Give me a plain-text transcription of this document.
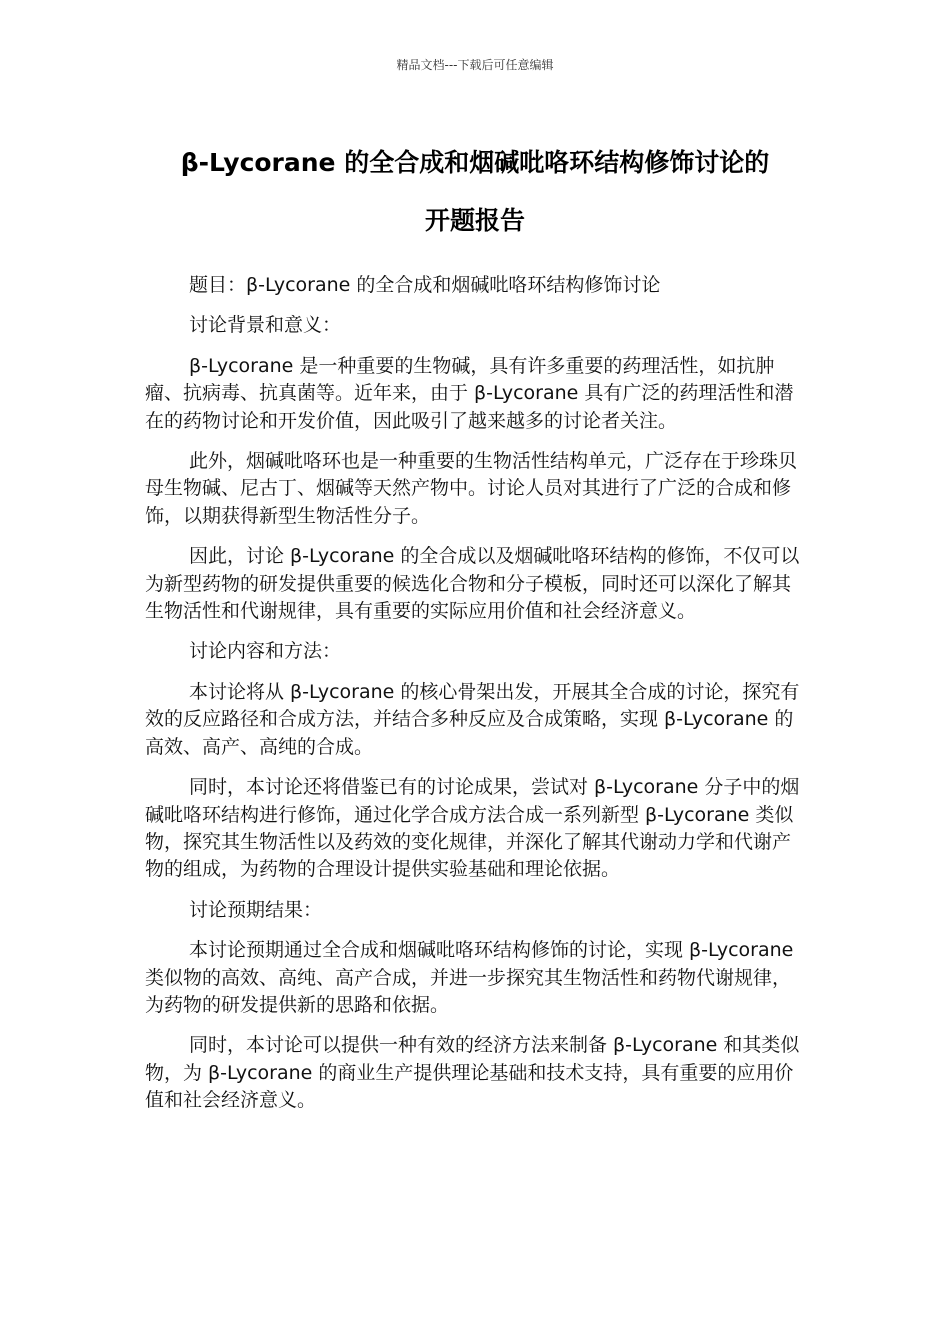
精品文档---下载后可任意编辑
β-Lycorane 的全合成和烟碱吡咯环结构修饰讨论的
开题报告

题目：β-Lycorane 的全合成和烟碱吡咯环结构修饰讨论

讨论背景和意义：

β-Lycorane 是一种重要的生物碱，具有许多重要的药理活性，如抗肿瘤、抗病毒、抗真菌等。近年来，由于 β-Lycorane 具有广泛的药理活性和潜在的药物讨论和开发价值，因此吸引了越来越多的讨论者关注。

此外，烟碱吡咯环也是一种重要的生物活性结构单元，广泛存在于珍珠贝母生物碱、尼古丁、烟碱等天然产物中。讨论人员对其进行了广泛的合成和修饰，以期获得新型生物活性分子。

因此，讨论 β-Lycorane 的全合成以及烟碱吡咯环结构的修饰，不仅可以为新型药物的研发提供重要的候选化合物和分子模板，同时还可以深化了解其生物活性和代谢规律，具有重要的实际应用价值和社会经济意义。

讨论内容和方法：

本讨论将从 β-Lycorane 的核心骨架出发，开展其全合成的讨论，探究有效的反应路径和合成方法，并结合多种反应及合成策略，实现 β-Lycorane 的高效、高产、高纯的合成。

同时，本讨论还将借鉴已有的讨论成果，尝试对 β-Lycorane 分子中的烟碱吡咯环结构进行修饰，通过化学合成方法合成一系列新型 β-Lycorane 类似物，探究其生物活性以及药效的变化规律，并深化了解其代谢动力学和代谢产物的组成，为药物的合理设计提供实验基础和理论依据。

讨论预期结果：

本讨论预期通过全合成和烟碱吡咯环结构修饰的讨论，实现 β-Lycorane 类似物的高效、高纯、高产合成，并进一步探究其生物活性和药物代谢规律，为药物的研发提供新的思路和依据。

同时，本讨论可以提供一种有效的经济方法来制备 β-Lycorane 和其类似物，为 β-Lycorane 的商业生产提供理论基础和技术支持，具有重要的应用价值和社会经济意义。
